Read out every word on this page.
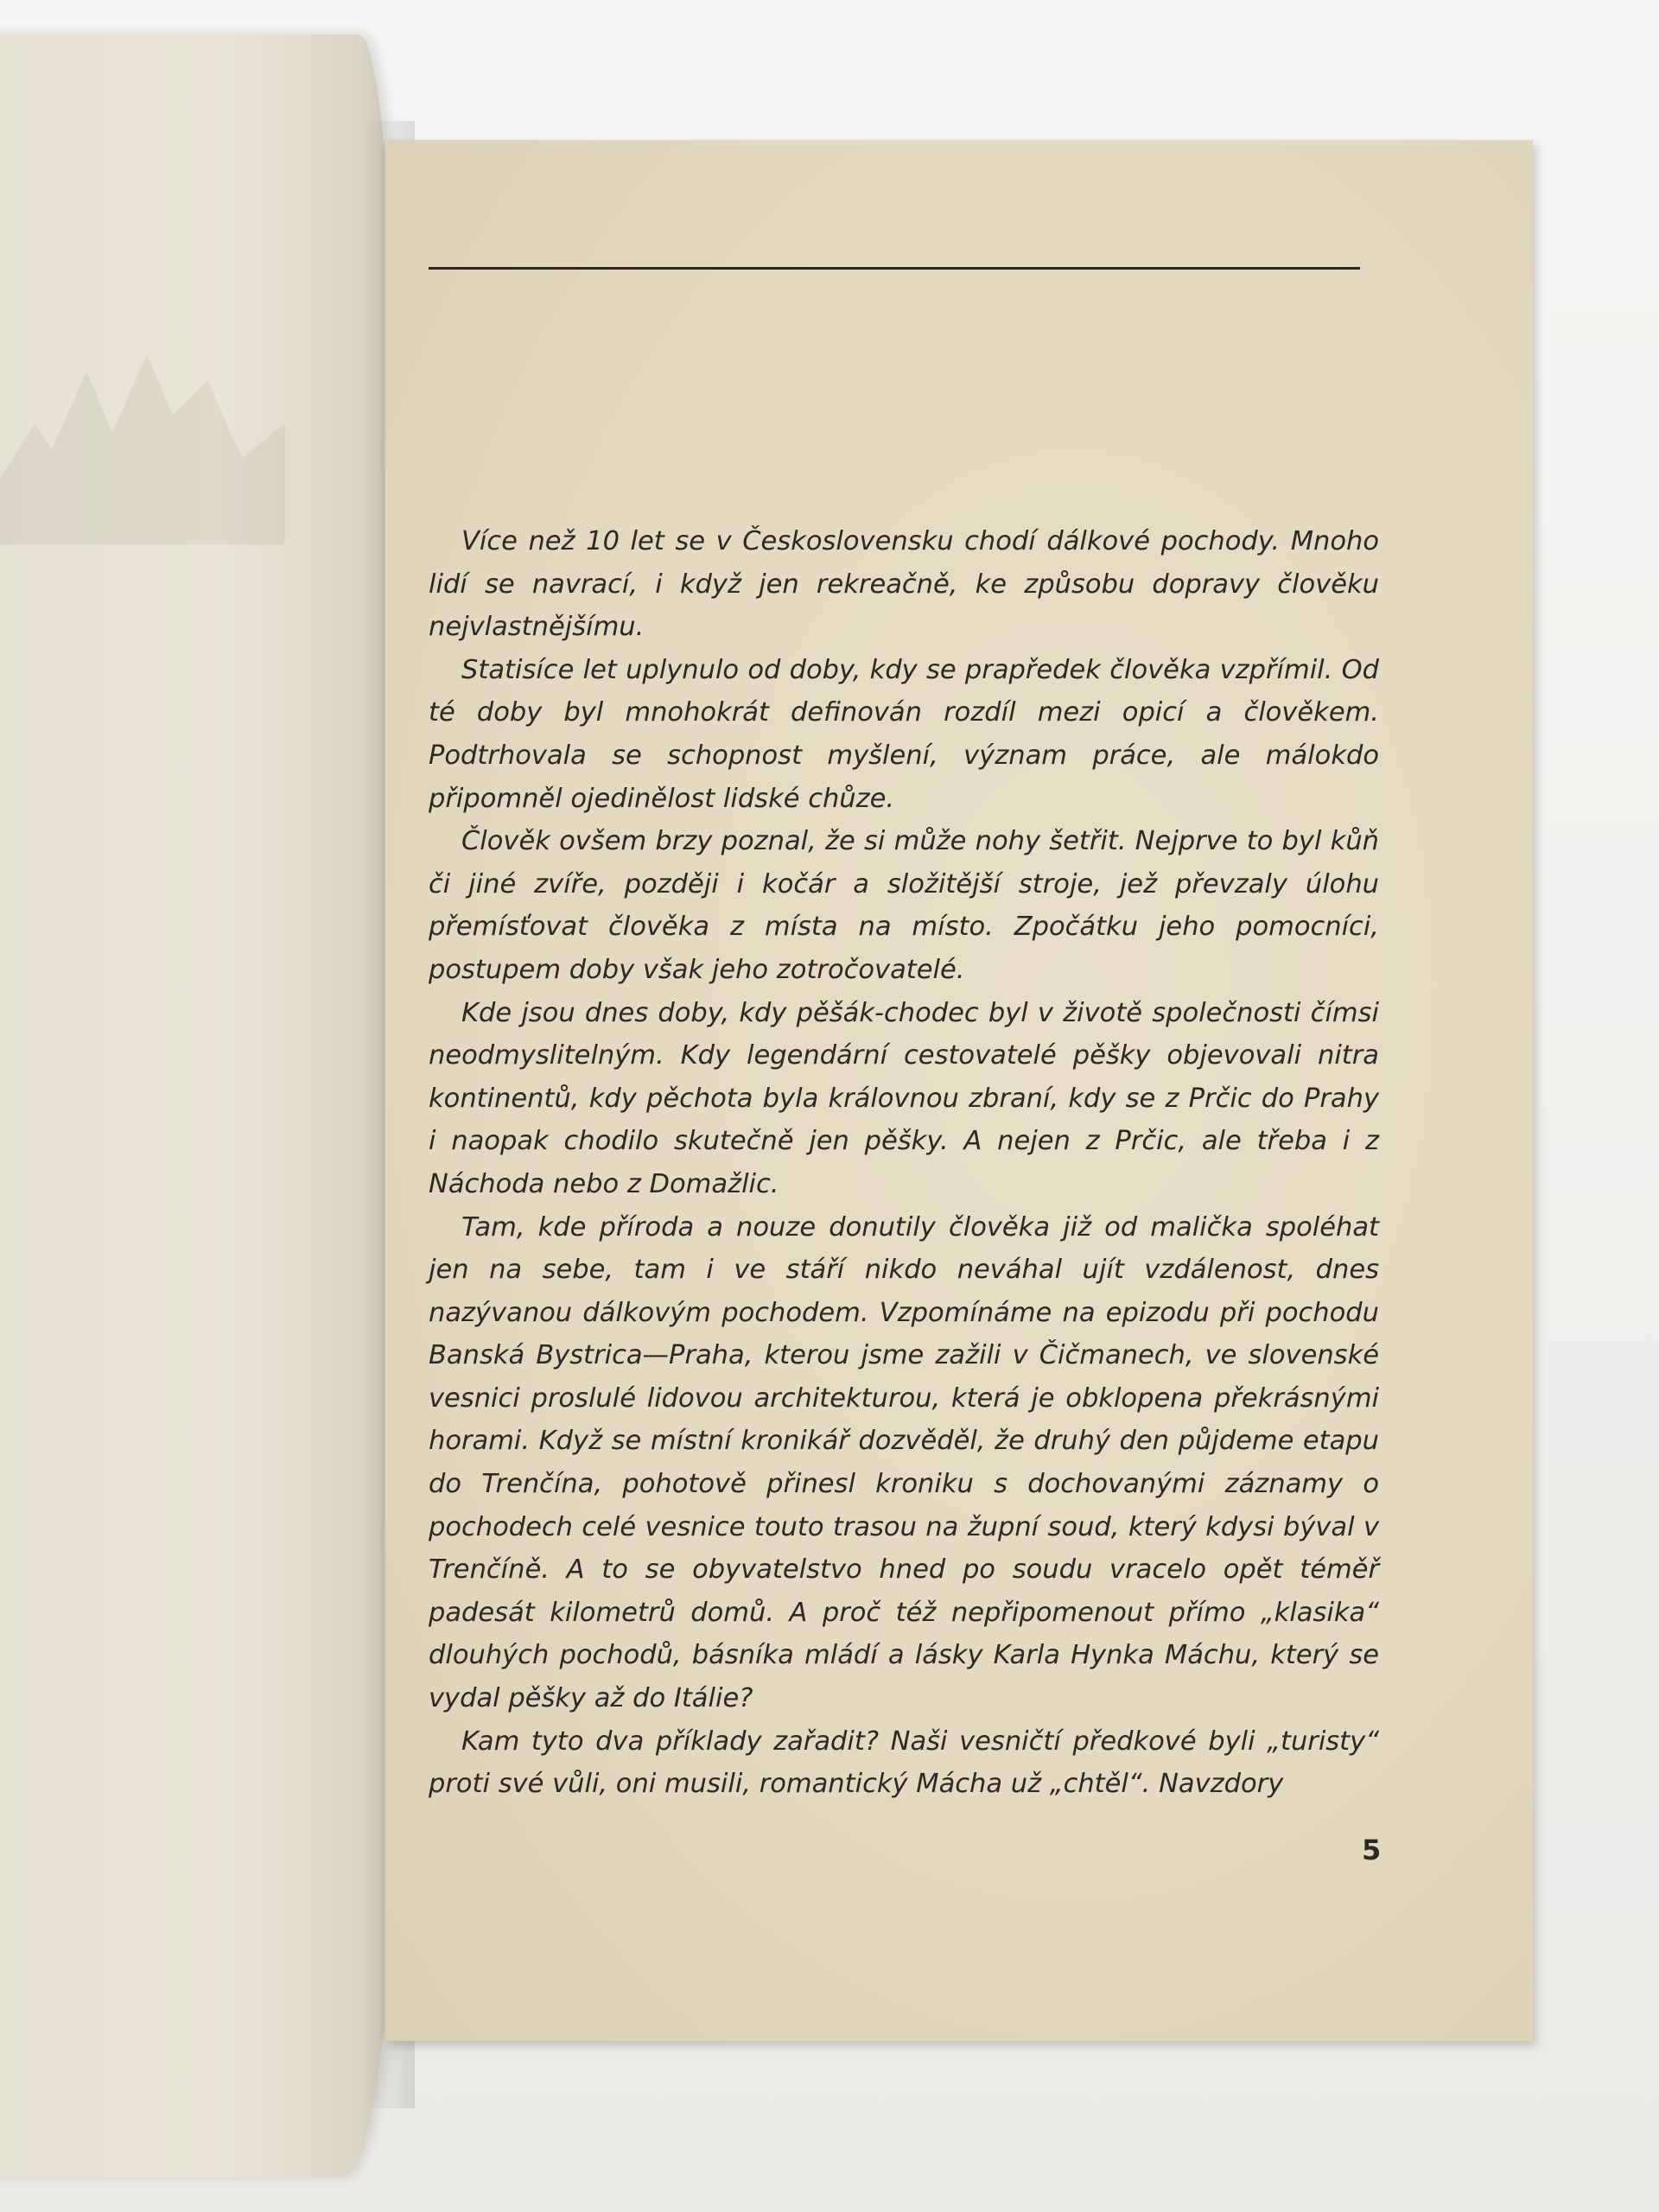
Více než 10 let se v Československu chodí dálkové pochody. Mnoho lidí se navrací, i když jen rekreačně, ke způsobu dopravy člověku nejvlastnějšímu.

Statisíce let uplynulo od doby, kdy se prapředek člověka vzpřímil. Od té doby byl mnohokrát definován rozdíl mezi opicí a člověkem. Podtrhovala se schopnost myšlení, význam práce, ale málokdo připomněl ojedinělost lidské chůze.

Člověk ovšem brzy poznal, že si může nohy šetřit. Nejprve to byl kůň či jiné zvíře, později i kočár a složitější stroje, jež převzaly úlohu přemísťovat člověka z místa na místo. Zpočátku jeho pomocníci, postupem doby však jeho zotročovatelé.

Kde jsou dnes doby, kdy pěšák-chodec byl v životě společnosti čímsi neodmyslitelným. Kdy legendární cestovatelé pěšky objevovali nitra kontinentů, kdy pěchota byla královnou zbraní, kdy se z Prčic do Prahy i naopak chodilo skutečně jen pěšky. A nejen z Prčic, ale třeba i z Náchoda nebo z Domažlic.

Tam, kde příroda a nouze donutily člověka již od malička spoléhat jen na sebe, tam i ve stáří nikdo neváhal ujít vzdálenost, dnes nazývanou dálkovým pochodem. Vzpomínáme na epizodu při pochodu Banská Bystrica—Praha, kterou jsme zažili v Čičmanech, ve slovenské vesnici proslulé lidovou architekturou, která je obklopena překrásnými horami. Když se místní kronikář dozvěděl, že druhý den půjdeme etapu do Trenčína, pohotově přinesl kroniku s dochovanými záznamy o pochodech celé vesnice touto trasou na župní soud, který kdysi býval v Trenčíně. A to se obyvatelstvo hned po soudu vracelo opět téměř padesát kilometrů domů. A proč též nepřipomenout přímo „klasika“ dlouhých pochodů, básníka mládí a lásky Karla Hynka Máchu, který se vydal pěšky až do Itálie?

Kam tyto dva příklady zařadit? Naši vesničtí předkové byli „turisty“ proti své vůli, oni musili, romantický Mácha už „chtěl“. Navzdory

5
